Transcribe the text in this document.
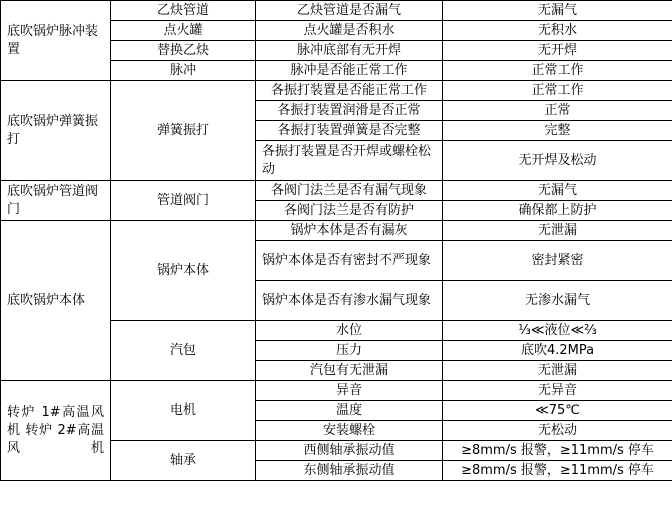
底吹锅炉脉冲装置	乙炔管道	乙炔管道是否漏气	无漏气
	点火罐	点火罐是否积水	无积水
	替换乙炔	脉冲底部有无开焊	无开焊
	脉冲	脉冲是否能正常工作	正常工作
底吹锅炉弹簧振打	弹簧振打	各振打装置是否能正常工作	正常工作
		各振打装置润滑是否正常	正常
		各振打装置弹簧是否完整	完整
		各振打装置是否开焊或螺栓松动	无开焊及松动
底吹锅炉管道阀门	管道阀门	各阀门法兰是否有漏气现象	无漏气
		各阀门法兰是否有防护	确保都上防护
底吹锅炉本体	锅炉本体	锅炉本体是否有漏灰	无泄漏
		锅炉本体是否有密封不严现象	密封紧密
		锅炉本体是否有渗水漏气现象	无渗水漏气
	汽包	水位	⅓≪液位≪⅔
		压力	底吹4.2MPa
		汽包有无泄漏	无泄漏
转炉 1#高温风机 转炉 2#高温风机	电机	异音	无异音
		温度	≪75℃
		安装螺栓	无松动
	轴承	西侧轴承振动值	≥8mm/s 报警，≥11mm/s 停车
		东侧轴承振动值	≥8mm/s 报警，≥11mm/s 停车
